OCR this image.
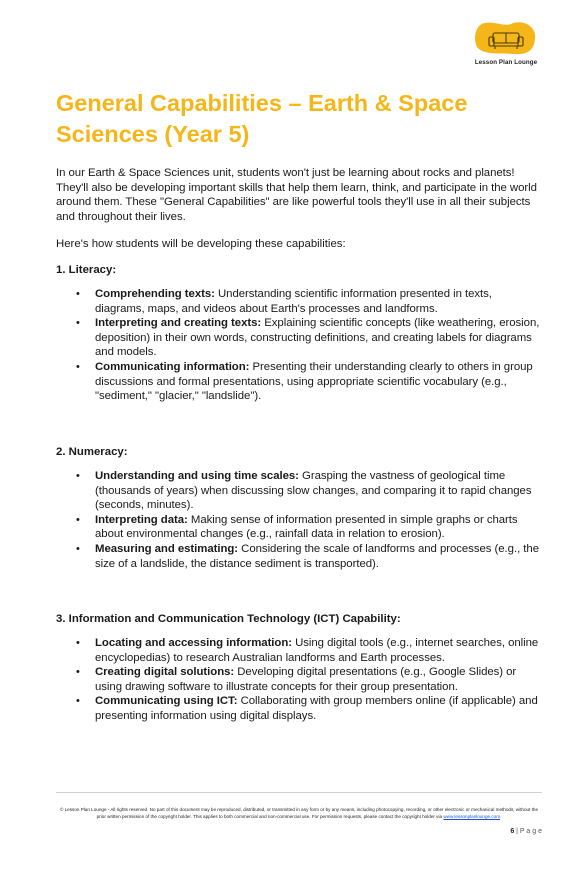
Lesson Plan Lounge
General Capabilities – Earth & Space Sciences (Year 5)

In our Earth & Space Sciences unit, students won't just be learning about rocks and planets! They'll also be developing important skills that help them learn, think, and participate in the world around them. These "General Capabilities" are like powerful tools they'll use in all their subjects and throughout their lives.

Here's how students will be developing these capabilities:

1. Literacy:

• Comprehending texts: Understanding scientific information presented in texts, diagrams, maps, and videos about Earth's processes and landforms.
• Interpreting and creating texts: Explaining scientific concepts (like weathering, erosion, deposition) in their own words, constructing definitions, and creating labels for diagrams and models.
• Communicating information: Presenting their understanding clearly to others in group discussions and formal presentations, using appropriate scientific vocabulary (e.g., "sediment," "glacier," "landslide").

2. Numeracy:

• Understanding and using time scales: Grasping the vastness of geological time (thousands of years) when discussing slow changes, and comparing it to rapid changes (seconds, minutes).
• Interpreting data: Making sense of information presented in simple graphs or charts about environmental changes (e.g., rainfall data in relation to erosion).
• Measuring and estimating: Considering the scale of landforms and processes (e.g., the size of a landslide, the distance sediment is transported).

3. Information and Communication Technology (ICT) Capability:

• Locating and accessing information: Using digital tools (e.g., internet searches, online encyclopedias) to research Australian landforms and Earth processes.
• Creating digital solutions: Developing digital presentations (e.g., Google Slides) or using drawing software to illustrate concepts for their group presentation.
• Communicating using ICT: Collaborating with group members online (if applicable) and presenting information using digital displays.
© Lesson Plan Lounge - All rights reserved. No part of this document may be reproduced, distributed, or transmitted in any form or by any means, including photocopying, recording, or other electronic or mechanical methods, without the prior written permission of the copyright holder. This applies to both commercial and non-commercial use. For permission requests, please contact the copyright holder via www.lessonplanlounge.com.
6 | P a g e
